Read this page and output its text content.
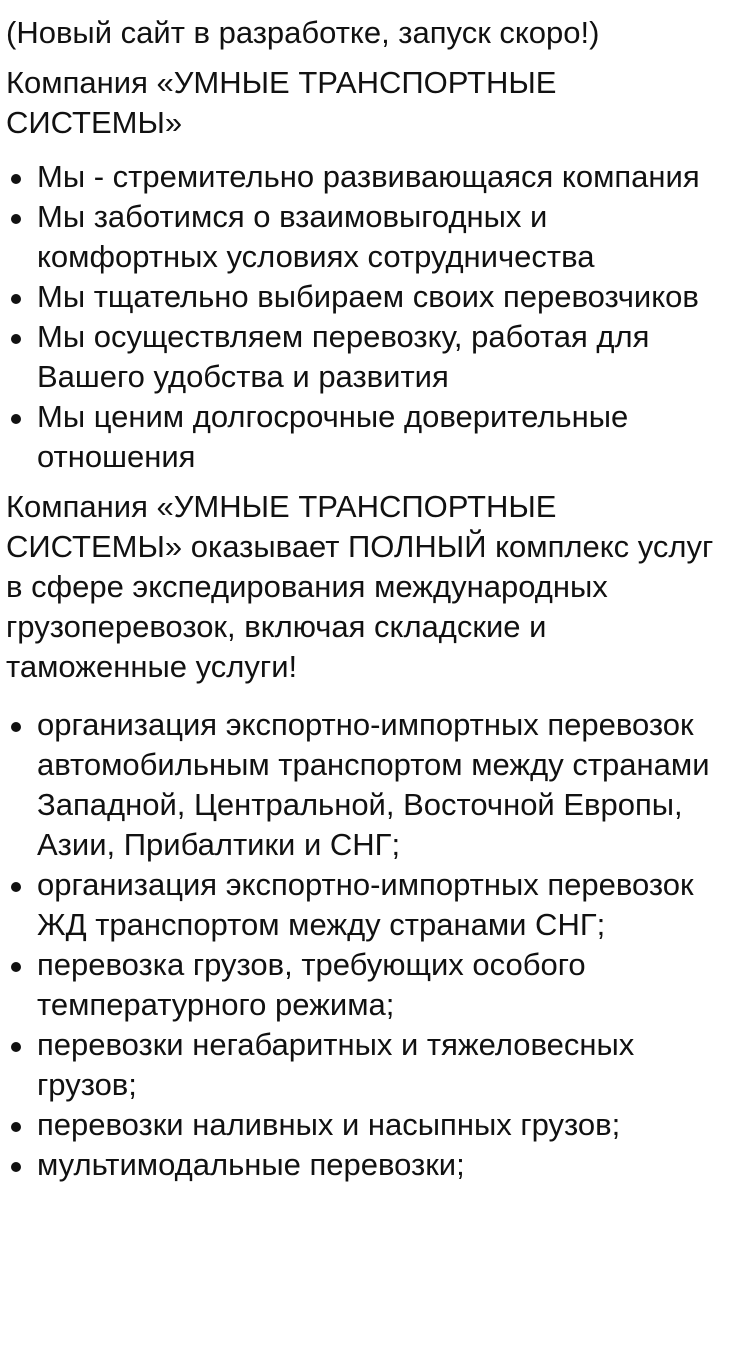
(Новый сайт в разработке, запуск скоро!)

Компания «УМНЫЕ ТРАНСПОРТНЫЕ СИСТЕМЫ»

Мы - стремительно развивающаяся компания
Мы заботимся о взаимовыгодных и комфортных условиях сотрудничества
Мы тщательно выбираем своих перевозчиков
Мы осуществляем перевозку, работая для Вашего удобства и развития
Мы ценим долгосрочные доверительные отношения

Компания «УМНЫЕ ТРАНСПОРТНЫЕ СИСТЕМЫ» оказывает ПОЛНЫЙ комплекс услуг в сфере экспедирования международных грузоперевозок, включая складские и таможенные услуги!

организация экспортно-импортных перевозок автомобильным транспортом между странами Западной, Центральной, Восточной Европы, Азии, Прибалтики и СНГ;
организация экспортно-импортных перевозок ЖД транспортом между странами СНГ;
перевозка грузов, требующих особого температурного режима;
перевозки негабаритных и тяжеловесных грузов;
перевозки наливных и насыпных грузов;
мультимодальные перевозки;
